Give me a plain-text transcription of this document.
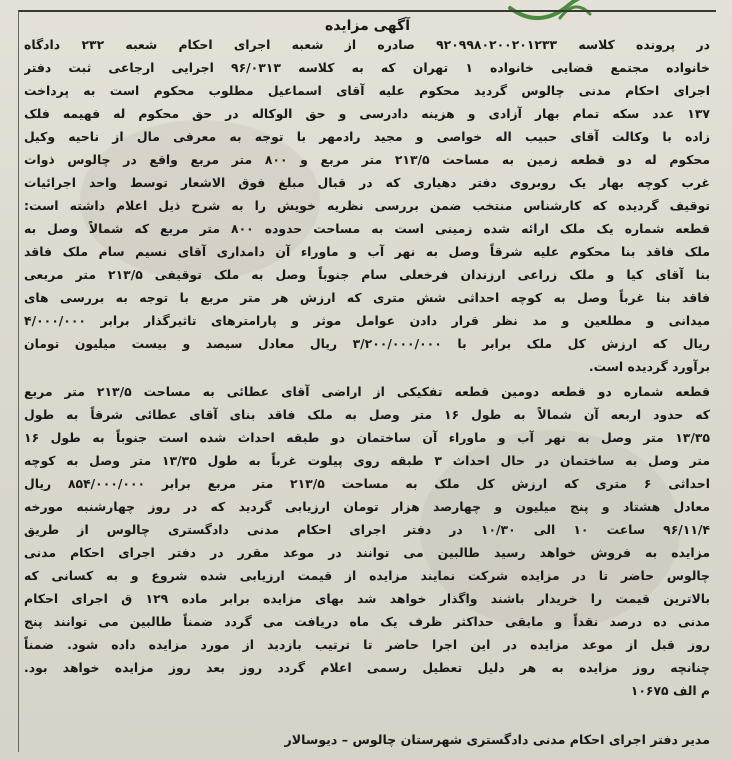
آگهی مزایده
در پرونده کلاسه ۹۲۰۹۹۸۰۲۰۰۲۰۱۲۳۳ صادره از شعبه اجرای احکام شعبه ۲۳۲ دادگاه
خانواده مجتمع قضایی خانواده ۱ تهران که به کلاسه ۹۶/۰۳۱۳ اجرایی ارجاعی ثبت دفتر
اجرای احکام مدنی چالوس گردید محکوم علیه آقای اسماعیل مطلوب محکوم است به پرداخت
۱۳۷ عدد سکه تمام بهار آزادی و هزینه دادرسی و حق الوکاله در حق محکوم له فهیمه فلک
زاده با وکالت آقای حبیب اله خواصی و مجید رادمهر با توجه به معرفی مال از ناحیه وکیل
محکوم له دو قطعه زمین به مساحت ۲۱۳/۵ متر مربع و ۸۰۰ متر مربع واقع در چالوس ذوات
غرب کوچه بهار یک روبروی دفتر دهیاری که در قبال مبلغ فوق الاشعار توسط واحد اجرائیات
توقیف گردیده که کارشناس منتخب ضمن بررسی نظریه خویش را به شرح ذیل اعلام داشته است:
قطعه شماره یک ملک ارائه شده زمینی است به مساحت حدوده ۸۰۰ متر مربع که شمالاً وصل به
ملک فاقد بنا محکوم علیه شرقاً وصل به نهر آب و ماوراء آن دامداری آقای نسیم سام ملک فاقد
بنا آقای کیا و ملک زراعی ارزندان فرخعلی سام جنوباً وصل به ملک توقیفی ۲۱۳/۵ متر مربعی
فاقد بنا غرباً وصل به کوچه احداثی شش متری که ارزش هر متر مربع با توجه به بررسی های
میدانی و مطلعین و مد نظر قرار دادن عوامل موثر و پارامترهای تاثیرگذار برابر ۴/۰۰۰/۰۰۰
ریال که ارزش کل ملک برابر با ۳/۲۰۰/۰۰۰/۰۰۰ ریال معادل سیصد و بیست میلیون تومان
برآورد گردیده است.
قطعه شماره دو قطعه دومین قطعه تفکیکی از اراضی آقای عطائی به مساحت ۲۱۳/۵ متر مربع
که حدود اربعه آن شمالاً به طول ۱۶ متر وصل به ملک فاقد بنای آقای عطائی شرقاً به طول
۱۳/۳۵ متر وصل به نهر آب و ماوراء آن ساختمان دو طبقه احداث شده است جنوباً به طول ۱۶
متر وصل به ساختمان در حال احداث ۳ طبقه روی پیلوت غرباً به طول ۱۳/۳۵ متر وصل به کوچه
احداثی ۶ متری که ارزش کل ملک به مساحت ۲۱۳/۵ متر مربع برابر ۸۵۴/۰۰۰/۰۰۰ ریال
معادل هشتاد و پنج میلیون و چهارصد هزار تومان ارزیابی گردید که در روز چهارشنبه مورخه
۹۶/۱۱/۴ ساعت ۱۰ الی ۱۰/۳۰ در دفتر اجرای احکام مدنی دادگستری چالوس از طریق
مزایده به فروش خواهد رسید طالبین می توانند در موعد مقرر در دفتر اجرای احکام مدنی
چالوس حاضر تا در مزایده شرکت نمایند مزایده از قیمت ارزیابی شده شروع و به کسانی که
بالاترین قیمت را خریدار باشند واگذار خواهد شد بهای مزایده برابر ماده ۱۲۹ ق اجرای احکام
مدنی ده درصد نقداً و مابقی حداکثر ظرف یک ماه دریافت می گردد ضمناً طالبین می توانند پنج
روز قبل از موعد مزایده در این اجرا حاضر تا ترتیب بازدید از مورد مزایده داده شود. ضمناً
چنانچه روز مزایده به هر دلیل تعطیل رسمی اعلام گردد روز بعد روز مزایده خواهد بود.
م الف ۱۰۶۷۵
مدیر دفتر اجرای احکام مدنی دادگستری شهرستان چالوس – دیوسالار
